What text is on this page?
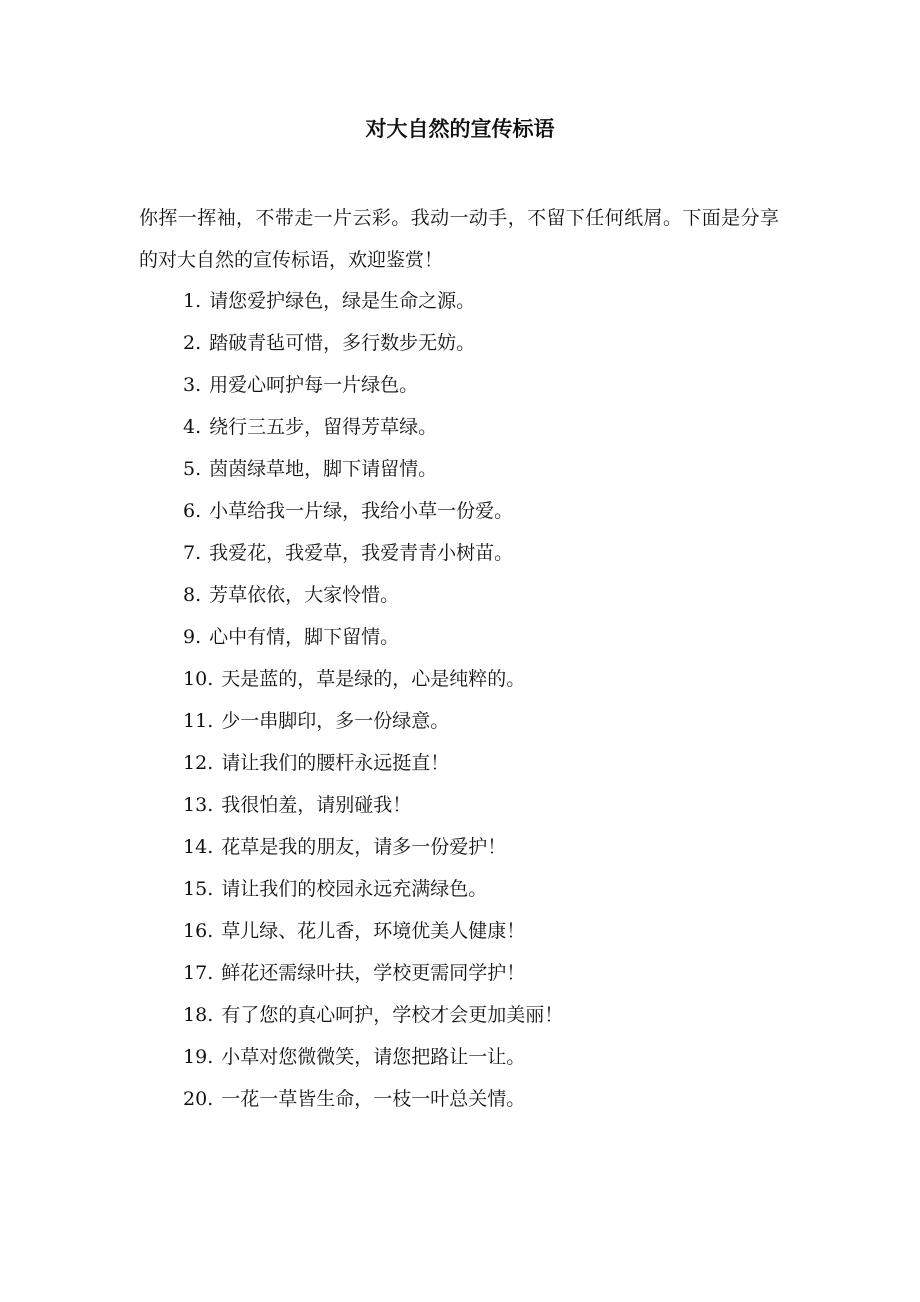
对大自然的宣传标语
你挥一挥袖，不带走一片云彩。我动一动手，不留下任何纸屑。下面是分享的对大自然的宣传标语，欢迎鉴赏！
1 . 请您爱护绿色，绿是生命之源。
2 . 踏破青毡可惜，多行数步无妨。
3 . 用爱心呵护每一片绿色。
4 . 绕行三五步，留得芳草绿。
5 . 茵茵绿草地，脚下请留情。
6 . 小草给我一片绿，我给小草一份爱。
7 . 我爱花，我爱草，我爱青青小树苗。
8 . 芳草依依，大家怜惜。
9 . 心中有情，脚下留情。
10 . 天是蓝的，草是绿的，心是纯粹的。
11 . 少一串脚印，多一份绿意。
12 . 请让我们的腰杆永远挺直！
13 . 我很怕羞，请别碰我！
14 . 花草是我的朋友，请多一份爱护！
15 . 请让我们的校园永远充满绿色。
16 . 草儿绿、花儿香，环境优美人健康！
17 . 鲜花还需绿叶扶，学校更需同学护！
18 . 有了您的真心呵护，学校才会更加美丽！
19 . 小草对您微微笑，请您把路让一让。
20 . 一花一草皆生命，一枝一叶总关情。
